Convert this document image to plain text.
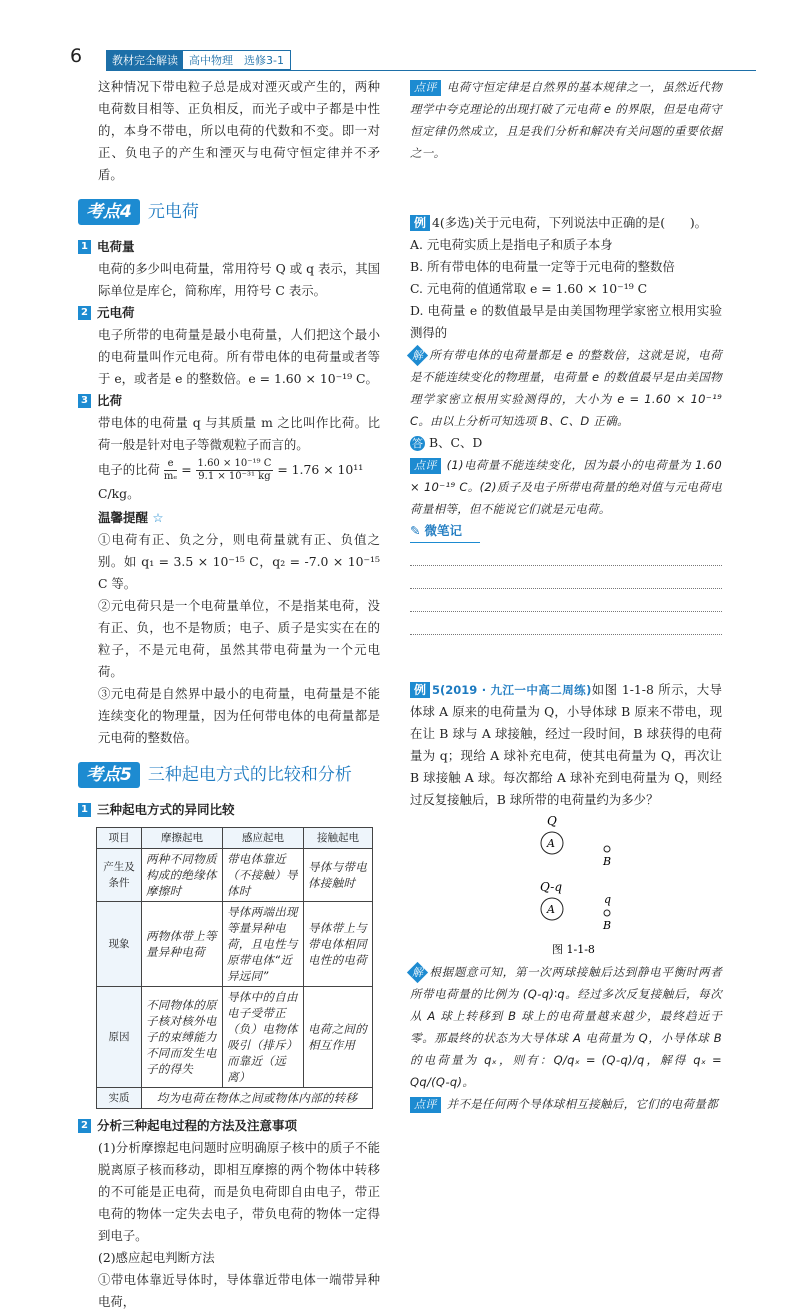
6	教材完全解读	高中物理　选修3-1

这种情况下带电粒子总是成对湮灭或产生的，两种电荷数目相等、正负相反，而光子或中子都是中性的，本身不带电，所以电荷的代数和不变。即一对正、负电子的产生和湮灭与电荷守恒定律并不矛盾。

考点4 元电荷
1 电荷量

电荷的多少叫电荷量，常用符号 Q 或 q 表示，其国际单位是库仑，简称库，用符号 C 表示。

2 元电荷

电子所带的电荷量是最小电荷量，人们把这个最小的电荷量叫作元电荷。所有带电体的电荷量或者等于 e，或者是 e 的整数倍。e = 1.60 × 10⁻¹⁹ C。

3 比荷

带电体的电荷量 q 与其质量 m 之比叫作比荷。比荷一般是针对电子等微观粒子而言的。

电子的比荷 $\frac{e}{\text{mₑ}} = \frac{\text{1.60 × 10⁻¹⁹ C}}{\text{9.1 × 10⁻³¹ kg}} = 1.76 \times 10^{11}$ C/kg。
温馨提醒 ☆

①电荷有正、负之分，则电荷量就有正、负值之别。如 q₁ = 3.5 × 10⁻¹⁵ C，q₂ = -7.0 × 10⁻¹⁵ C 等。

②元电荷只是一个电荷量单位，不是指某电荷，没有正、负，也不是物质；电子、质子是实实在在的粒子，不是元电荷，虽然其带电荷量为一个元电荷。

③元电荷是自然界中最小的电荷量，电荷量是不能连续变化的物理量，因为任何带电体的电荷量都是元电荷的整数倍。

考点5 三种起电方式的比较和分析
1 三种起电方式的异同比较
项目	摩擦起电	感应起电	接触起电
产生及条件	两种不同物质构成的绝缘体摩擦时	带电体靠近（不接触）导体时	导体与带电体接触时
现象	两物体带上等量异种电荷	导体两端出现等量异种电荷，且电性与原带电体“近异远同”	导体带上与带电体相同电性的电荷
原因	不同物体的原子核对核外电子的束缚能力不同而发生电子的得失	导体中的自由电子受带正（负）电物体吸引（排斥）而靠近（远离）	电荷之间的相互作用
实质	均为电荷在物体之间或物体内部的转移		
2 分析三种起电过程的方法及注意事项

(1)分析摩擦起电问题时应明确原子核中的质子不能脱离原子核而移动，即相互摩擦的两个物体中转移的不可能是正电荷，而是负电荷即自由电子，带正电荷的物体一定失去电子，带负电荷的物体一定得到电子。

(2)感应起电判断方法

①带电体靠近导体时，导体靠近带电体一端带异种电荷，

点评 电荷守恒定律是自然界的基本规律之一，虽然近代物理学中夸克理论的出现打破了元电荷 e 的界限，但是电荷守恒定律仍然成立，且是我们分析和解决有关问题的重要依据之一。

例 4(多选)关于元电荷，下列说法中正确的是(　　)。

A. 元电荷实质上是指电子和质子本身

B. 所有带电体的电荷量一定等于元电荷的整数倍

C. 元电荷的值通常取 e = 1.60 × 10⁻¹⁹ C

D. 电荷量 e 的数值最早是由美国物理学家密立根用实验测得的

解 所有带电体的电荷量都是 e 的整数倍，这就是说，电荷是不能连续变化的物理量，电荷量 e 的数值最早是由美国物理学家密立根用实验测得的，大小为 e = 1.60 × 10⁻¹⁹ C。由以上分析可知选项 B、C、D 正确。

答 B、C、D

点评 (1)电荷量不能连续变化，因为最小的电荷量为 1.60 × 10⁻¹⁹ C。(2)质子及电子所带电荷量的绝对值与元电荷电荷量相等，但不能说它们就是元电荷。

✎ 微笔记

例 5(2019 · 九江一中高二周练)如图 1-1-8 所示，大导体球 A 原来的电荷量为 Q，小导体球 B 原来不带电，现在让 B 球与 A 球接触，经过一段时间，B 球获得的电荷量为 q；现给 A 球补充电荷，使其电荷量为 Q，再次让 B 球接触 A 球。每次都给 A 球补充到电荷量为 Q，则经过反复接触后，B 球所带的电荷量约为多少？

Q
A
B
Q-q
A
q
B
图 1-1-8

解 根据题意可知，第一次两球接触后达到静电平衡时两者所带电荷量的比例为 (Q-q)∶q。经过多次反复接触后，每次从 A 球上转移到 B 球上的电荷量越来越少，最终趋近于零。那最终的状态为大导体球 A 电荷量为 Q，小导体球 B 的电荷量为 qₓ，则有：Q/qₓ = (Q-q)/q，解得 qₓ = Qq/(Q-q)。

点评 并不是任何两个导体球相互接触后，它们的电荷量都
